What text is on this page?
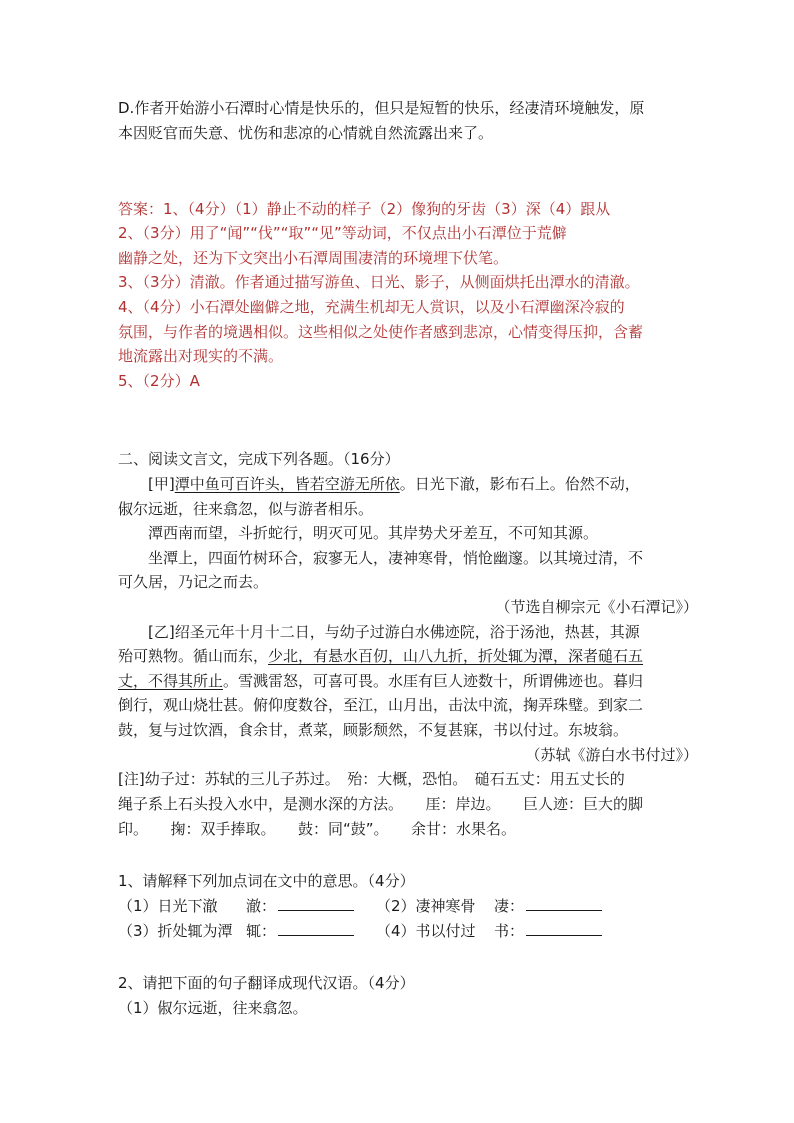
D.作者开始游小石潭时心情是快乐的，但只是短暂的快乐，经凄清环境触发，原
本因贬官而失意、忧伤和悲凉的心情就自然流露出来了。
答案：1、（4分）（1）静止不动的样子（2）像狗的牙齿（3）深（4）跟从
2、（3分）用了“闻”“伐”“取”“见”等动词，不仅点出小石潭位于荒僻
幽静之处，还为下文突出小石潭周围凄清的环境埋下伏笔。
3、（3分）清澈。作者通过描写游鱼、日光、影子，从侧面烘托出潭水的清澈。
4、（4分）小石潭处幽僻之地，充满生机却无人赏识，以及小石潭幽深冷寂的
氛围，与作者的境遇相似。这些相似之处使作者感到悲凉，心情变得压抑，含蓄
地流露出对现实的不满。
5、（2分）A
二、阅读文言文，完成下列各题。（16分）
[甲]潭中鱼可百许头，皆若空游无所依。日光下澈，影布石上。佁然不动，
俶尔远逝，往来翕忽，似与游者相乐。
潭西南而望，斗折蛇行，明灭可见。其岸势犬牙差互，不可知其源。
坐潭上，四面竹树环合，寂寥无人，凄神寒骨，悄怆幽邃。以其境过清，不
可久居，乃记之而去。
（节选自柳宗元《小石潭记》）
[乙]绍圣元年十月十二日，与幼子过游白水佛迹院，浴于汤池，热甚，其源
殆可熟物。循山而东，少北，有悬水百仞，山八九折，折处辄为潭，深者磓石五
丈，不得其所止。雪溅雷怒，可喜可畏。水厓有巨人迹数十，所谓佛迹也。暮归
倒行，观山烧壮甚。俯仰度数谷，至江，山月出，击汰中流，掬弄珠璧。到家二
鼓，复与过饮酒，食余甘，煮菜，顾影颓然，不复甚寐，书以付过。东坡翁。
（苏轼《游白水书付过》）
[注]幼子过：苏轼的三儿子苏过。　殆：大概，恐怕。　磓石五丈：用五丈长的
绳子系上石头投入水中，是测水深的方法。　　厓：岸边。　　巨人迹：巨大的脚
印。　　掬：双手捧取。　　鼓：同“鼓”。　　余甘：水果名。
1、请解释下列加点词在文中的意思。（4分）
（1）日光下澈 澈：	（2）凄神寒骨 凄：
（3）折处辄为潭 辄：	（4）书以付过 书：
2、请把下面的句子翻译成现代汉语。（4分）
（1）俶尔远逝，往来翕忽。
